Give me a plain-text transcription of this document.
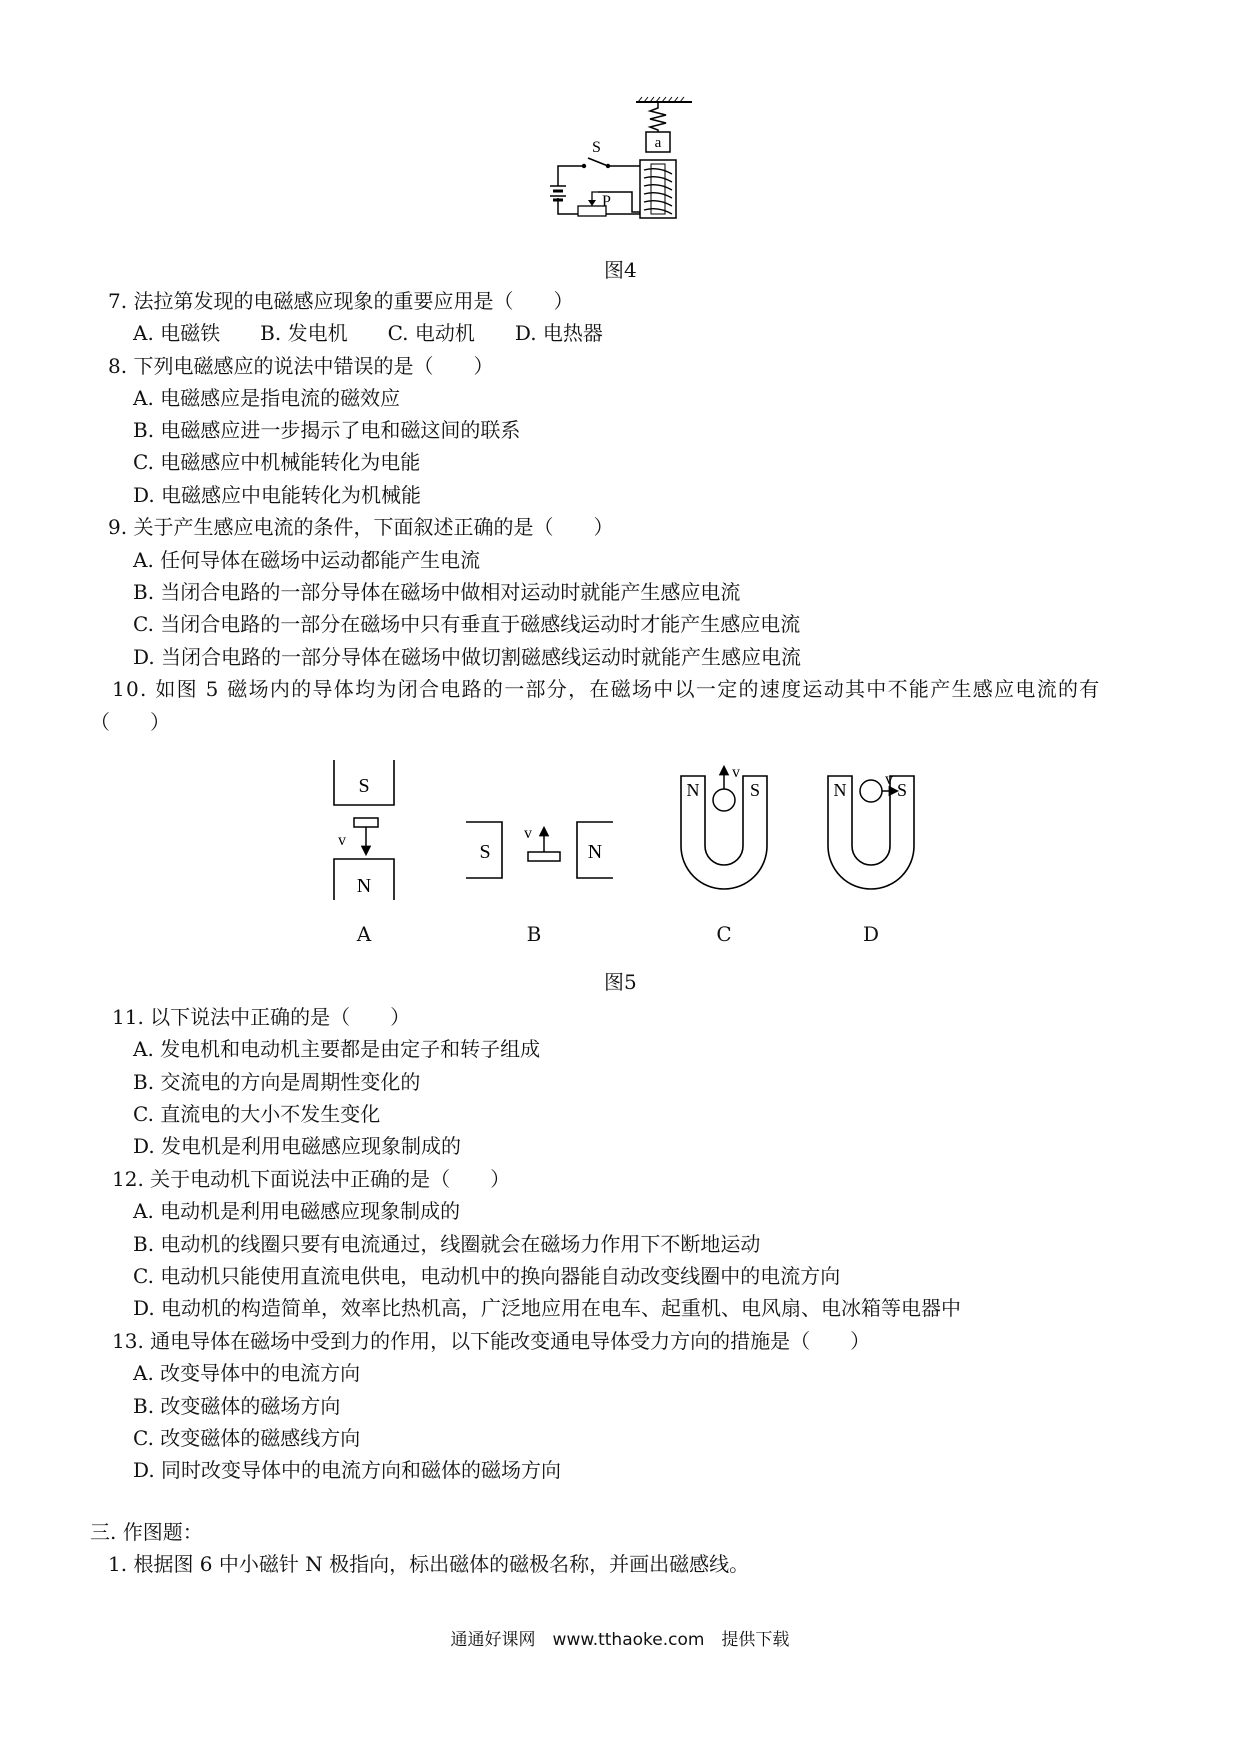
a
S
P
图4
7. 法拉第发现的电磁感应现象的重要应用是（　　）
A. 电磁铁　　B. 发电机　　C. 电动机　　D. 电热器
8. 下列电磁感应的说法中错误的是（　　）
A. 电磁感应是指电流的磁效应
B. 电磁感应进一步揭示了电和磁这间的联系
C. 电磁感应中机械能转化为电能
D. 电磁感应中电能转化为机械能
9. 关于产生感应电流的条件，下面叙述正确的是（　　）
A. 任何导体在磁场中运动都能产生电流
B. 当闭合电路的一部分导体在磁场中做相对运动时就能产生感应电流
C. 当闭合电路的一部分在磁场中只有垂直于磁感线运动时才能产生感应电流
D. 当闭合电路的一部分导体在磁场中做切割磁感线运动时就能产生感应电流
10. 如图 5 磁场内的导体均为闭合电路的一部分，在磁场中以一定的速度运动其中不能产生感应电流的有
（　　）
S
v
N
S
v
N
N	S
v
N	S
v
A	B	C	D
图5
11. 以下说法中正确的是（　　）
A. 发电机和电动机主要都是由定子和转子组成
B. 交流电的方向是周期性变化的
C. 直流电的大小不发生变化
D. 发电机是利用电磁感应现象制成的
12. 关于电动机下面说法中正确的是（　　）
A. 电动机是利用电磁感应现象制成的
B. 电动机的线圈只要有电流通过，线圈就会在磁场力作用下不断地运动
C. 电动机只能使用直流电供电，电动机中的换向器能自动改变线圈中的电流方向
D. 电动机的构造简单，效率比热机高，广泛地应用在电车、起重机、电风扇、电冰箱等电器中
13. 通电导体在磁场中受到力的作用，以下能改变通电导体受力方向的措施是（　　）
A. 改变导体中的电流方向
B. 改变磁体的磁场方向
C. 改变磁体的磁感线方向
D. 同时改变导体中的电流方向和磁体的磁场方向
三. 作图题：
1. 根据图 6 中小磁针 N 极指向，标出磁体的磁极名称，并画出磁感线。
通通好课网　www.tthaoke.com　提供下载
